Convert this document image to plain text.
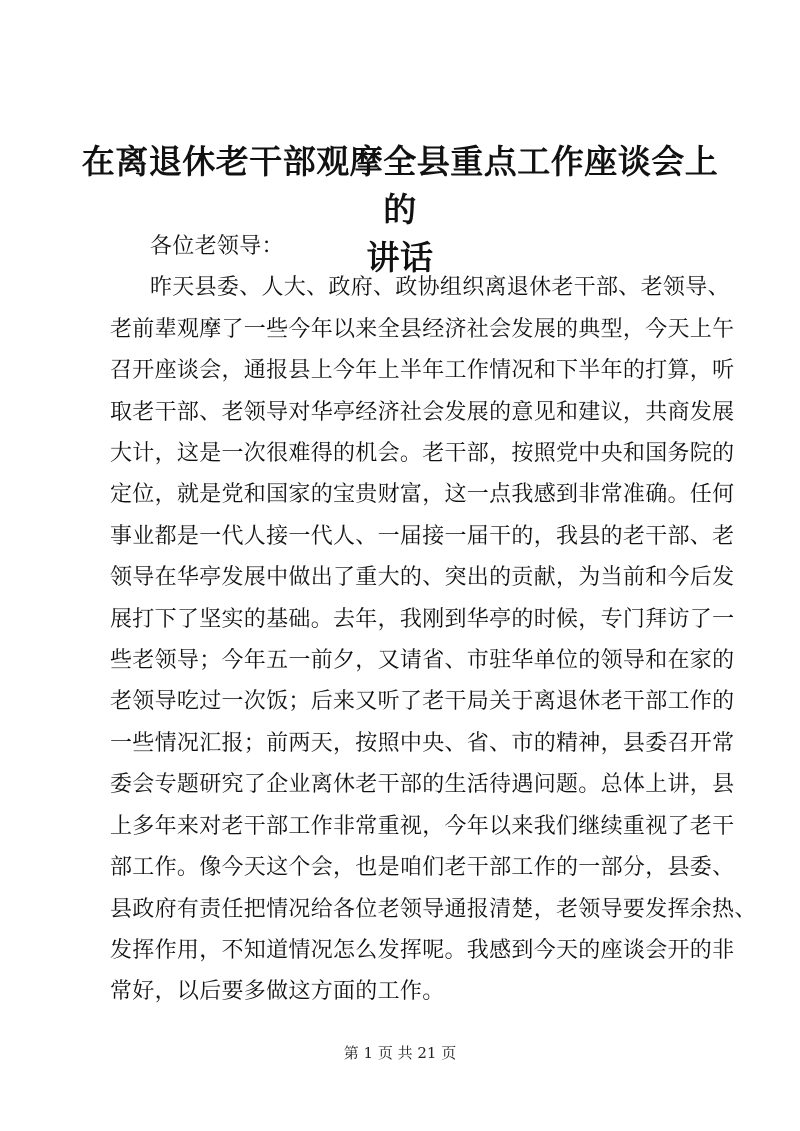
在离退休老干部观摩全县重点工作座谈会上的
讲话

各位老领导：

昨天县委、人大、政府、政协组织离退休老干部、老领导、
老前辈观摩了一些今年以来全县经济社会发展的典型，今天上午
召开座谈会，通报县上今年上半年工作情况和下半年的打算，听
取老干部、老领导对华亭经济社会发展的意见和建议，共商发展
大计，这是一次很难得的机会。老干部，按照党中央和国务院的
定位，就是党和国家的宝贵财富，这一点我感到非常准确。任何
事业都是一代人接一代人、一届接一届干的，我县的老干部、老
领导在华亭发展中做出了重大的、突出的贡献，为当前和今后发
展打下了坚实的基础。去年，我刚到华亭的时候，专门拜访了一
些老领导；今年五一前夕，又请省、市驻华单位的领导和在家的
老领导吃过一次饭；后来又听了老干局关于离退休老干部工作的
一些情况汇报；前两天，按照中央、省、市的精神，县委召开常
委会专题研究了企业离休老干部的生活待遇问题。总体上讲，县
上多年来对老干部工作非常重视，今年以来我们继续重视了老干
部工作。像今天这个会，也是咱们老干部工作的一部分，县委、
县政府有责任把情况给各位老领导通报清楚，老领导要发挥余热、
发挥作用，不知道情况怎么发挥呢。我感到今天的座谈会开的非
常好，以后要多做这方面的工作。
第 1 页 共 21 页
